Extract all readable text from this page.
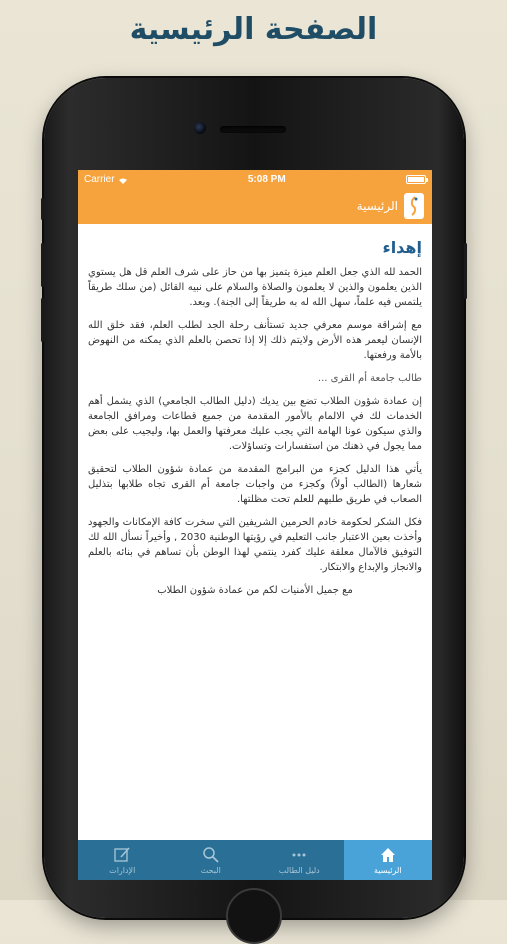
الصفحة الرئيسية
Carrier	5:08 PM
الرئيسية
إهداء

الحمد لله الذي جعل العلم ميزة يتميز بها من حاز على شرف العلم قل هل يستوي الذين يعلمون والذين لا يعلمون والصلاة والسلام على نبيه القائل (من سلك طريقاً يلتمس فيه علماً، سهل الله له به طريقاً إلى الجنة). وبعد.

مع إشراقة موسم معرفي جديد تستأنف رحلة الجد لطلب العلم، فقد خلق الله الإنسان ليعمر هذه الأرض ولايتم ذلك إلا إذا تحصن بالعلم الذي يمكنه من النهوض بالأمة ورفعتها.

طالب جامعة أم القرى ...

إن عمادة شؤون الطلاب تضع بين يديك (دليل الطالب الجامعي) الذي يشمل أهم الخدمات لك في الالمام بالأمور المقدمة من جميع قطاعات ومرافق الجامعة والذي سيكون عونا الهامة التي يجب عليك معرفتها والعمل بها، وليجيب على بعض مما يجول في ذهنك من استفسارات وتساؤلات.

يأتي هذا الدليل كجزء من البرامج المقدمة من عمادة شؤون الطلاب لتحقيق شعارها (الطالب أولاً) وكجزء من واجبات جامعة أم القرى تجاه طلابها بتذليل الصعاب في طريق طلبهم للعلم تحت مظلتها.

فكل الشكر لحكومة خادم الحرمين الشريفين التي سخرت كافة الإمكانات والجهود وأخذت بعين الاعتبار جانب التعليم في رؤيتها الوطنية 2030 , وأخيراً نسأل الله لك التوفيق فالآمال معلقة عليك كفرد ينتمي لهذا الوطن بأن تساهم في بنائه بالعلم والانجاز والإبداع والابتكار.

مع جميل الأمنيات لكم من عمادة شؤون الطلاب

الإدارات	البحث	دليل الطالب	الرئيسية
